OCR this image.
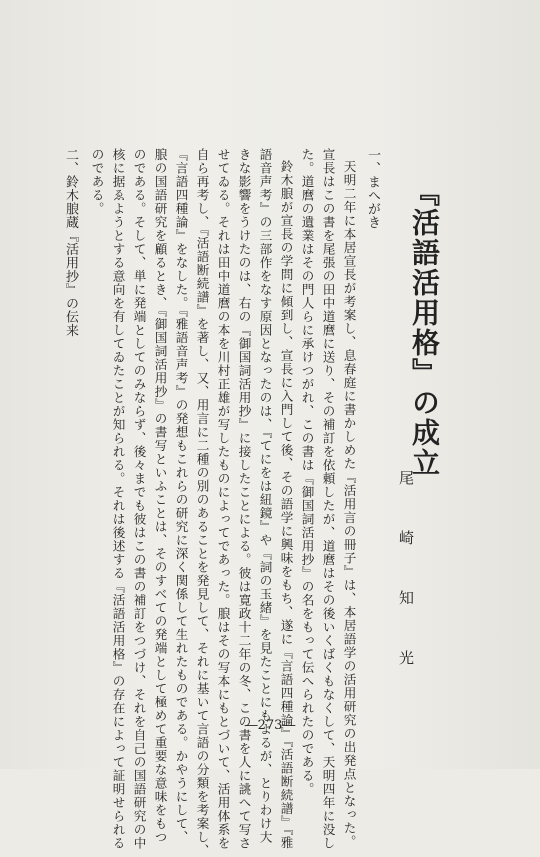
『活語活用格』の成立
尾　崎　知　光
一、まへがき
天明二年に本居宣長が考案し、息春庭に書かしめた『活用言の冊子』は、本居語学の活用研究の出発点となった。
宣長はこの書を尾張の田中道麿に送り、その補訂を依頼したが、道麿はその後いくばくもなくして、天明四年に没し
た。道麿の遺業はその門人らに承けつがれ、この書は『御国詞活用抄』の名をもって伝へられたのである。
鈴木朖が宣長の学問に傾到し、宣長に入門して後、その語学に興味をもち、遂に『言語四種論』『活語断続譜』『雅
語音声考』の三部作をなす原因となったのは、『てにをは紐鏡』や『詞の玉緒』を見たことにもよるが、とりわけ大
きな影響をうけたのは、右の『御国詞活用抄』に接したことによる。彼は寛政十二年の冬、この書を人に誂へて写さ
せてゐる。それは田中道麿の本を川村正雄が写したものによってであった。朖はその写本にもとづいて、活用体系を
自ら再考し、『活語断続譜』を著し、又、用言に二種の別のあることを発見して、それに基いて言語の分類を考案し、
『言語四種論』をなした。『雅語音声考』の発想もこれらの研究に深く関係して生れたものである。かやうにして、
朖の国語研究を顧るとき、『御国詞活用抄』の書写といふことは、そのすべての発端として極めて重要な意味をもつ
のである。そして、単に発端としてのみならず、後々までも彼はこの書の補訂をつづけ、それを自己の国語研究の中
核に据ゑようとする意向を有してゐたことが知られる。それは後述する『活語活用格』の存在によって証明せられる
のである。
二、鈴木朖蔵『活用抄』の伝来
―273―
